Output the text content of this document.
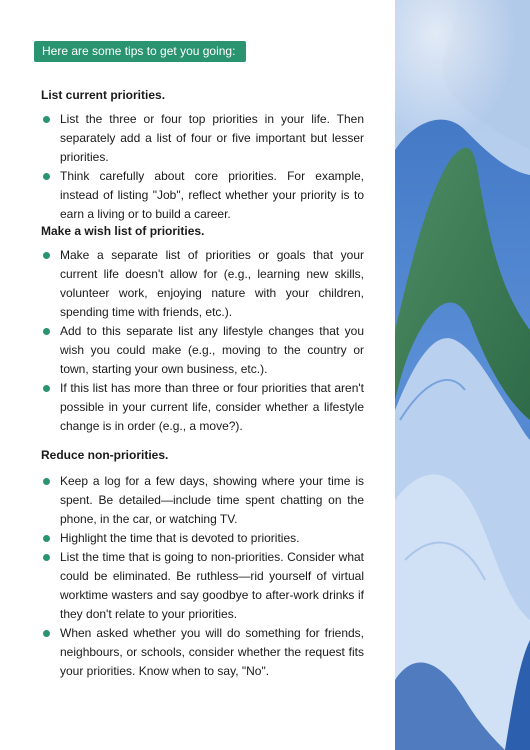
Here are some tips to get you going:
List current priorities.
List the three or four top priorities in your life. Then separately add a list of four or five important but lesser priorities.
Think carefully about core priorities. For example, instead of listing "Job", reflect whether your priority is to earn a living or to build a career.
Make a wish list of priorities.
Make a separate list of priorities or goals that your current life doesn't allow for (e.g., learning new skills, volunteer work, enjoying nature with your children, spending time with friends, etc.).
Add to this separate list any lifestyle changes that you wish you could make (e.g., moving to the country or town, starting your own business, etc.).
If this list has more than three or four priorities that aren't possible in your current life, consider whether a lifestyle change is in order (e.g., a move?).
Reduce non-priorities.
Keep a log for a few days, showing where your time is spent. Be detailed—include time spent chatting on the phone, in the car, or watching TV.
Highlight the time that is devoted to priorities.
List the time that is going to non-priorities. Consider what could be eliminated. Be ruthless—rid yourself of virtual worktime wasters and say goodbye to after-work drinks if they don't relate to your priorities.
When asked whether you will do something for friends, neighbours, or schools, consider whether the request fits your priorities. Know when to say, "No".
